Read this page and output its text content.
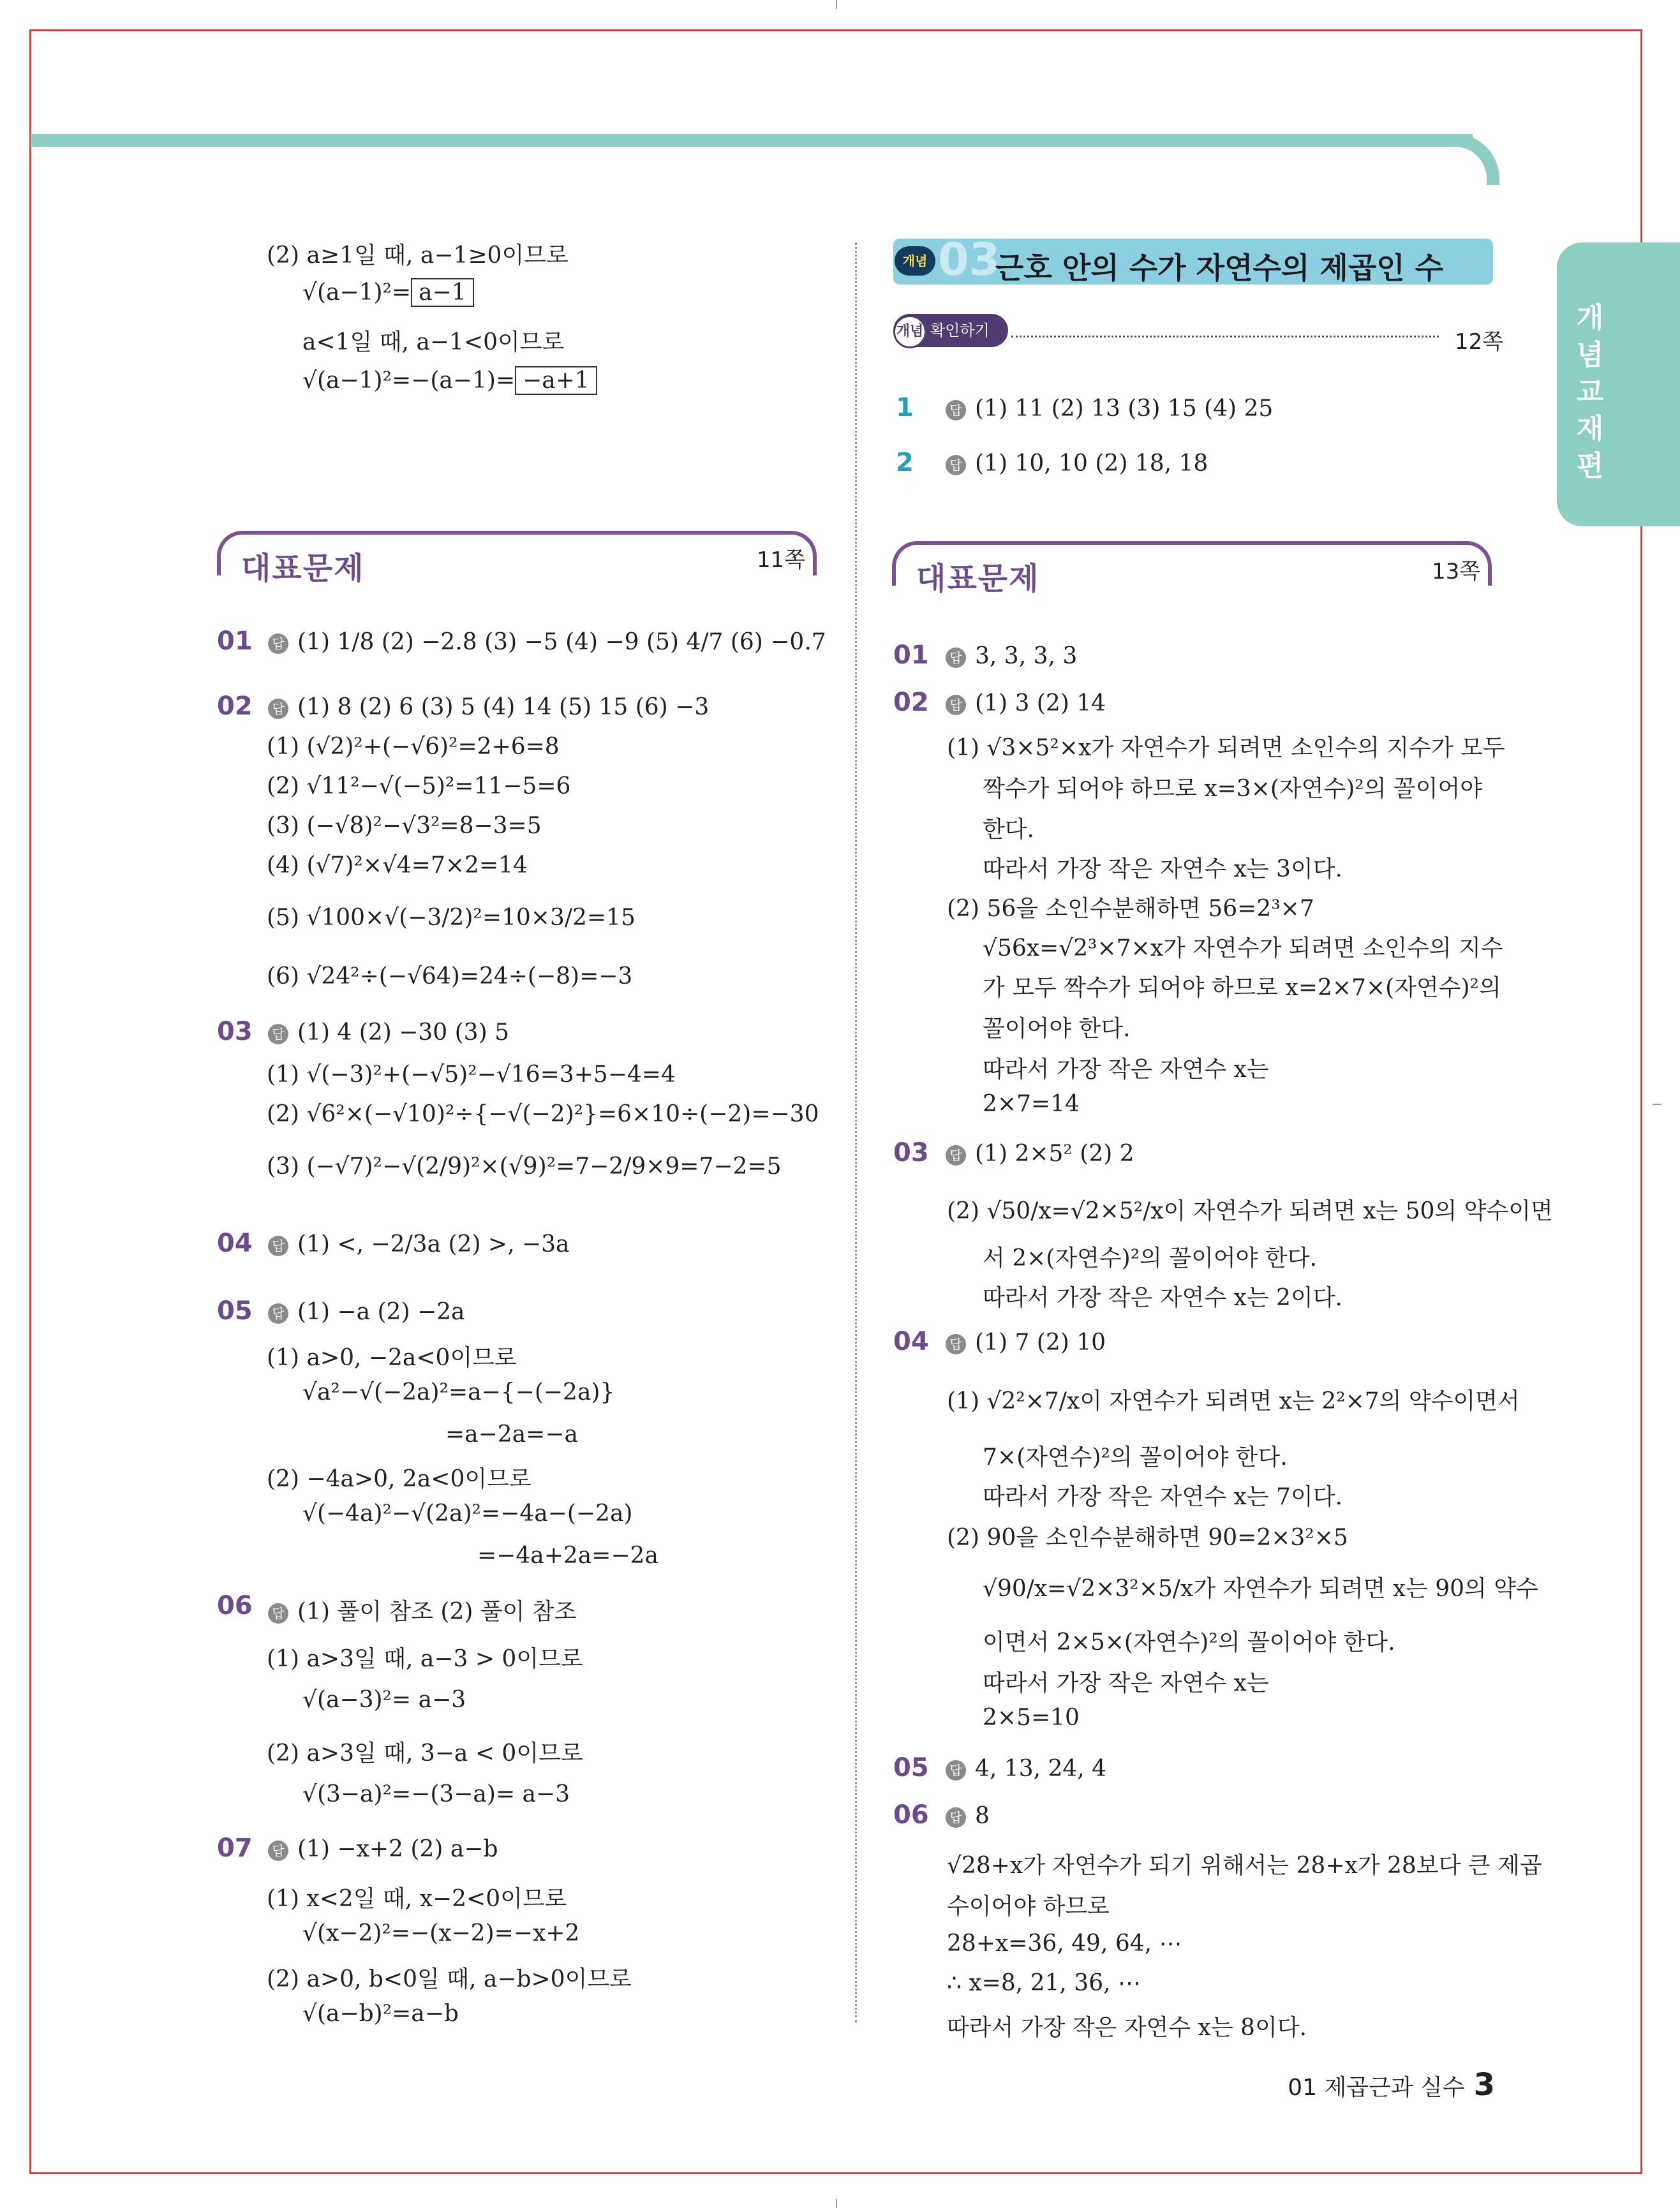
개념교재편
(2) a≥1일 때, a−1≥0이므로
√(a−1)²= a−1
a<1일 때, a−1<0이므로
√(a−1)²=−(a−1)= −a+1
개념 03
근호 안의 수가 자연수의 제곱인 수
개념 확인하기	12쪽
1	답 (1) 11 (2) 13 (3) 15 (4) 25
2	답 (1) 10, 10 (2) 18, 18
대표문제	11쪽
대표문제	13쪽
01	답 (1) 1/8 (2) −2.8 (3) −5 (4) −9 (5) 4/7 (6) −0.7
02	답 (1) 8 (2) 6 (3) 5 (4) 14 (5) 15 (6) −3
(1) (√2)²+(−√6)²=2+6=8
(2) √11²−√(−5)²=11−5=6
(3) (−√8)²−√3²=8−3=5
(4) (√7)²×√4=7×2=14
(5) √100×√(−3/2)²=10×3/2=15
(6) √24²÷(−√64)=24÷(−8)=−3
03	답 (1) 4 (2) −30 (3) 5
(1) √(−3)²+(−√5)²−√16=3+5−4=4
(2) √6²×(−√10)²÷{−√(−2)²}=6×10÷(−2)=−30
(3) (−√7)²−√(2/9)²×(√9)²=7−2/9×9=7−2=5
04	답 (1) <, −2/3a (2) >, −3a
05	답 (1) −a (2) −2a
(1) a>0, −2a<0이므로
√a²−√(−2a)²=a−{−(−2a)}
=a−2a=−a
(2) −4a>0, 2a<0이므로
√(−4a)²−√(2a)²=−4a−(−2a)
=−4a+2a=−2a
06	답 (1) 풀이 참조 (2) 풀이 참조
(1) a>3일 때, a−3 > 0이므로
√(a−3)²= a−3
(2) a>3일 때, 3−a < 0이므로
√(3−a)²=−(3−a)= a−3
07	답 (1) −x+2 (2) a−b
(1) x<2일 때, x−2<0이므로
√(x−2)²=−(x−2)=−x+2
(2) a>0, b<0일 때, a−b>0이므로
√(a−b)²=a−b
01	답 3, 3, 3, 3
02	답 (1) 3 (2) 14
(1) √3×5²×x가 자연수가 되려면 소인수의 지수가 모두
짝수가 되어야 하므로 x=3×(자연수)²의 꼴이어야
한다.
따라서 가장 작은 자연수 x는 3이다.
(2) 56을 소인수분해하면 56=2³×7
√56x=√2³×7×x가 자연수가 되려면 소인수의 지수
가 모두 짝수가 되어야 하므로 x=2×7×(자연수)²의
꼴이어야 한다.
따라서 가장 작은 자연수 x는
2×7=14
03	답 (1) 2×5² (2) 2
(2) √50/x=√2×5²/x이 자연수가 되려면 x는 50의 약수이면
서 2×(자연수)²의 꼴이어야 한다.
따라서 가장 작은 자연수 x는 2이다.
04	답 (1) 7 (2) 10
(1) √2²×7/x이 자연수가 되려면 x는 2²×7의 약수이면서
7×(자연수)²의 꼴이어야 한다.
따라서 가장 작은 자연수 x는 7이다.
(2) 90을 소인수분해하면 90=2×3²×5
√90/x=√2×3²×5/x가 자연수가 되려면 x는 90의 약수
이면서 2×5×(자연수)²의 꼴이어야 한다.
따라서 가장 작은 자연수 x는
2×5=10
05	답 4, 13, 24, 4
06	답 8
√28+x가 자연수가 되기 위해서는 28+x가 28보다 큰 제곱
수이어야 하므로
28+x=36, 49, 64, ⋯
∴ x=8, 21, 36, ⋯
따라서 가장 작은 자연수 x는 8이다.
01 제곱근과 실수 3
